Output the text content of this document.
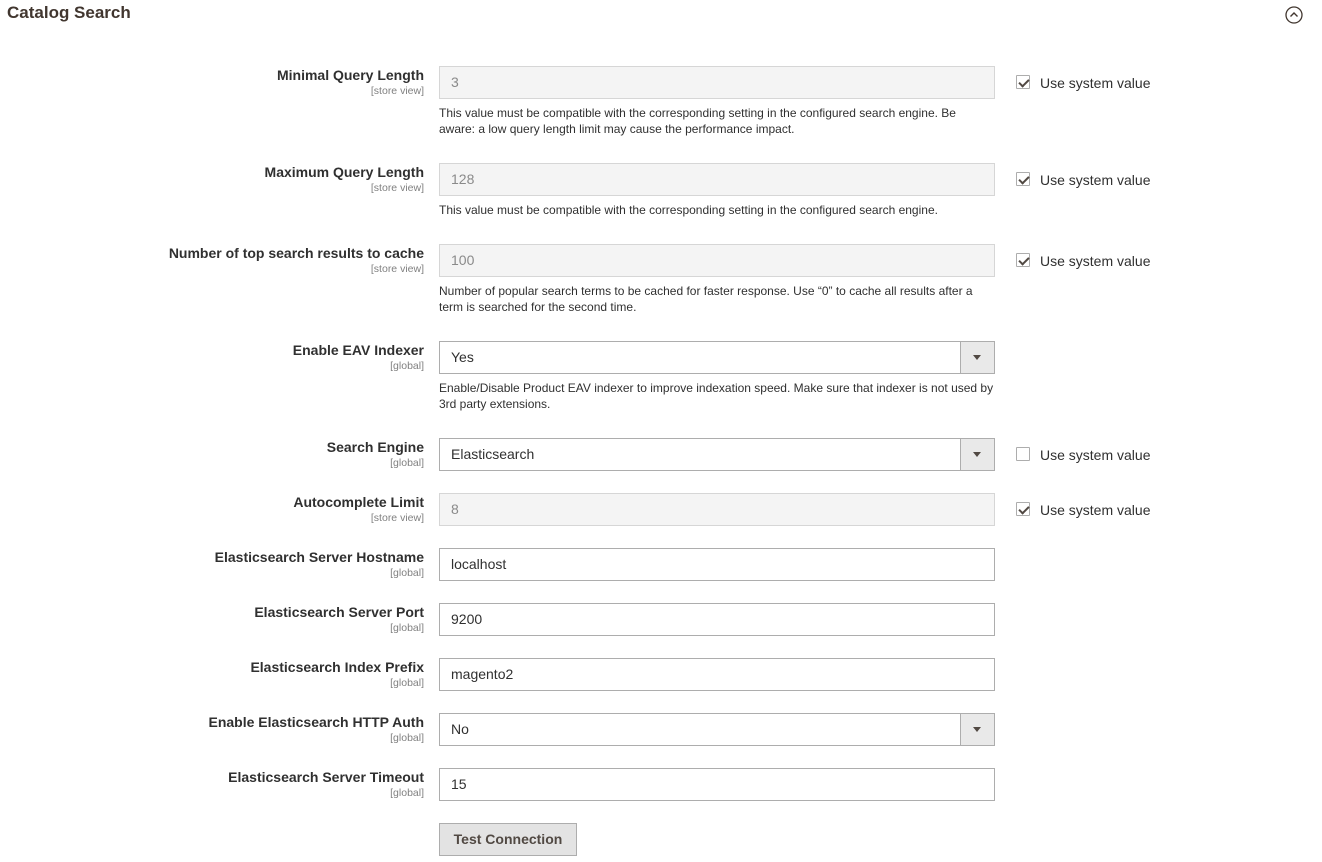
Catalog Search
Minimal Query Length
[store view]
3
This value must be compatible with the corresponding setting in the configured search engine. Be aware: a low query length limit may cause the performance impact.
Use system value
Maximum Query Length
[store view]
128
This value must be compatible with the corresponding setting in the configured search engine.
Use system value
Number of top search results to cache
[store view]
100
Number of popular search terms to be cached for faster response. Use “0” to cache all results after a term is searched for the second time.
Use system value
Enable EAV Indexer
[global]
Yes
Enable/Disable Product EAV indexer to improve indexation speed. Make sure that indexer is not used by 3rd party extensions.
Search Engine
[global]
Elasticsearch	Use system value
Autocomplete Limit
[store view]
8	Use system value
Elasticsearch Server Hostname
[global]
localhost
Elasticsearch Server Port
[global]
9200
Elasticsearch Index Prefix
[global]
magento2
Enable Elasticsearch HTTP Auth
[global]
No
Elasticsearch Server Timeout
[global]
15
Test Connection
